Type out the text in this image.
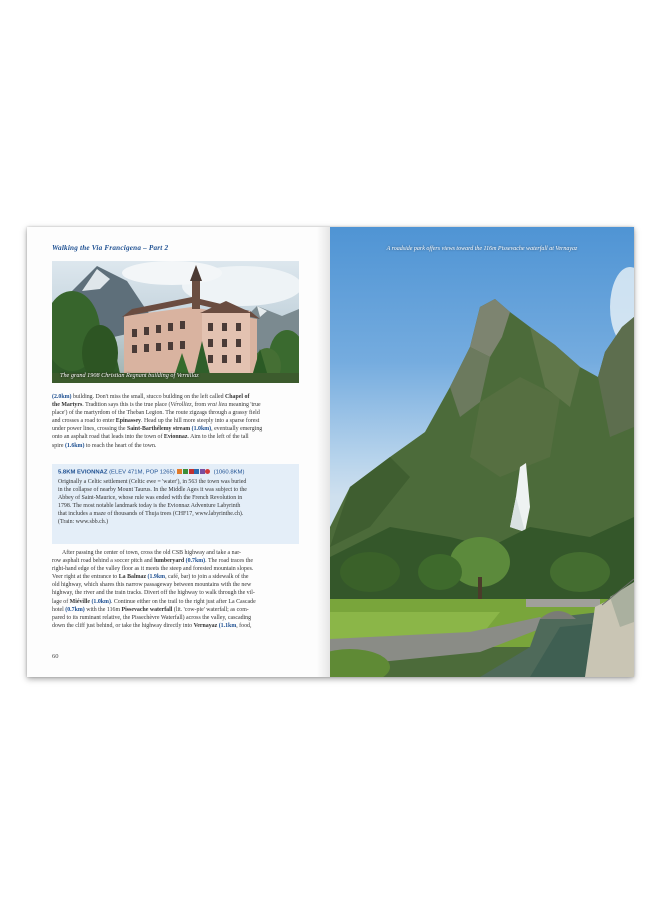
Walking the Via Francigena – Part 2
The grand 1908 Christian Regnant building of Vernillaz
(2.0km) building. Don't miss the small, stucco building on the left called Chapel of
the Martyrs. Tradition says this is the true place (Vérolliez, from vrai lieu meaning 'true
place') of the martyrdom of the Theban Legion. The route zigzags through a grassy field
and crosses a road to enter Epinassey. Head up the hill more steeply into a sparse forest
under power lines, crossing the Saint-Barthélemy stream (1.0km), eventually emerging
onto an asphalt road that leads into the town of Evionnaz. Aim to the left of the tall
spire (1.6km) to reach the heart of the town.
5.8KM EVIONNAZ (ELEV 471M, POP 1265)	(1060.8KM)
Originally a Celtic settlement (Celtic ewe = 'water'), in 563 the town was buried
in the collapse of nearby Mount Taurus. In the Middle Ages it was subject to the
Abbey of Saint-Maurice, whose rule was ended with the French Revolution in
1798. The most notable landmark today is the Evionnaz Adventure Labyrinth
that includes a maze of thousands of Thuja trees (CHF17, www.labyrinthe.ch).
(Train: www.sbb.ch.)
After passing the center of town, cross the old CSB highway and take a nar-
row asphalt road behind a soccer pitch and lumberyard (0.7km). The road traces the
right-hand edge of the valley floor as it meets the steep and forested mountain slopes.
Veer right at the entrance to La Balmaz (1.9km, café, bar) to join a sidewalk of the
old highway, which shares this narrow passageway between mountains with the new
highway, the river and the train tracks. Divert off the highway to walk through the vil-
lage of Miéville (1.0km). Continue either on the trail to the right just after La Cascade
hotel (0.7km) with the 116m Pissevache waterfall (lit. 'cow-pie' waterfall; as com-
pared to its ruminant relative, the Pissechèvre Waterfall) across the valley, cascading
down the cliff just behind, or take the highway directly into Vernayaz (1.1km, food,
60
A roadside park offers views toward the 116m Pissevache waterfall at Vernayaz
